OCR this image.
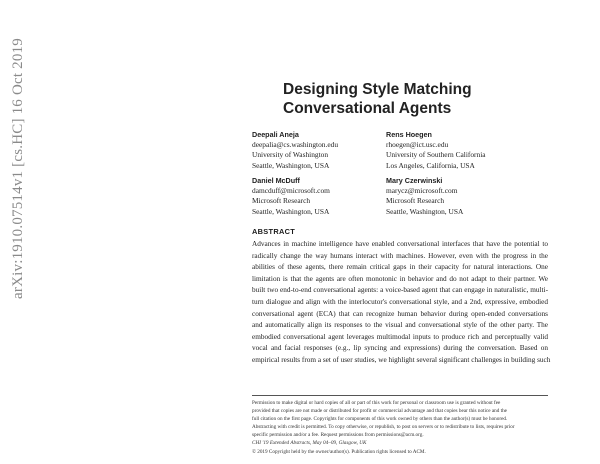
arXiv:1910.07514v1 [cs.HC] 16 Oct 2019	Designing Style Matching
Conversational Agents
Deepali Aneja
deepalia@cs.washington.edu
University of Washington
Seattle, Washington, USA
Rens Hoegen
rhoegen@ict.usc.edu
University of Southern California
Los Angeles, California, USA
Daniel McDuff
damcduff@microsoft.com
Microsoft Research
Seattle, Washington, USA
Mary Czerwinski
marycz@microsoft.com
Microsoft Research
Seattle, Washington, USA
ABSTRACT
Advances in machine intelligence have enabled conversational interfaces that have the potential to
radically change the way humans interact with machines. However, even with the progress in the
abilities of these agents, there remain critical gaps in their capacity for natural interactions. One
limitation is that the agents are often monotonic in behavior and do not adapt to their partner. We
built two end-to-end conversational agents: a voice-based agent that can engage in naturalistic, multi-
turn dialogue and align with the interlocutor's conversational style, and a 2nd, expressive, embodied
conversational agent (ECA) that can recognize human behavior during open-ended conversations
and automatically align its responses to the visual and conversational style of the other party. The
embodied conversational agent leverages multimodal inputs to produce rich and perceptually valid
vocal and facial responses (e.g., lip syncing and expressions) during the conversation. Based on
empirical results from a set of user studies, we highlight several significant challenges in building such
Permission to make digital or hard copies of all or part of this work for personal or classroom use is granted without fee
provided that copies are not made or distributed for profit or commercial advantage and that copies bear this notice and the
full citation on the first page. Copyrights for components of this work owned by others than the author(s) must be honored.
Abstracting with credit is permitted. To copy otherwise, or republish, to post on servers or to redistribute to lists, requires prior
specific permission and/or a fee. Request permissions from permissions@acm.org.
CHI '19 Extended Abstracts, May 04–09, Glasgow, UK
© 2019 Copyright held by the owner/author(s). Publication rights licensed to ACM.
